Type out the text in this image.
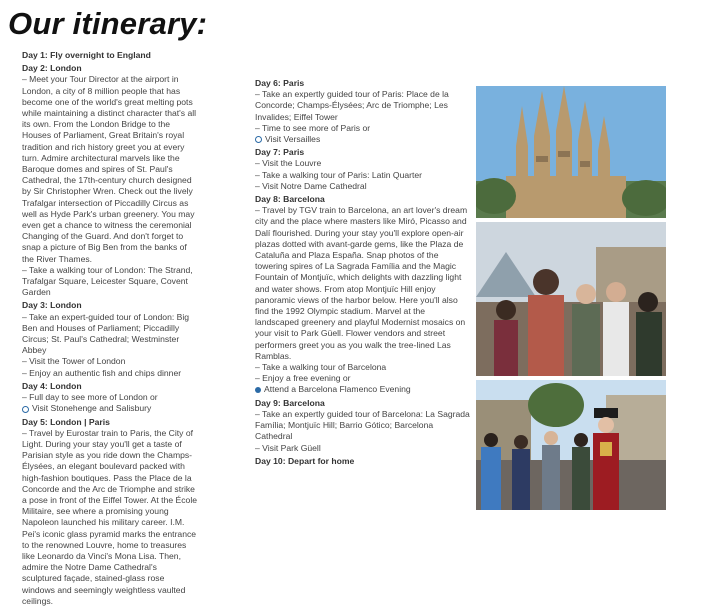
Our itinerary:
Day 1: Fly overnight to England
Day 2: London
– Meet your Tour Director at the airport in London, a city of 8 million people that has become one of the world's great melting pots while maintaining a distinct character that's all its own. From the London Bridge to the Houses of Parliament, Great Britain's royal tradition and rich history greet you at every turn. Admire architectural marvels like the Baroque domes and spires of St. Paul's Cathedral, the 17th-century church designed by Sir Christopher Wren. Check out the lively Trafalgar intersection of Piccadilly Circus as well as Hyde Park's urban greenery. You may even get a chance to witness the ceremonial Changing of the Guard. And don't forget to snap a picture of Big Ben from the banks of the River Thames.
– Take a walking tour of London: The Strand, Trafalgar Square, Leicester Square, Covent Garden
Day 3: London
– Take an expert-guided tour of London: Big Ben and Houses of Parliament; Piccadilly Circus; St. Paul's Cathedral; Westminster Abbey
– Visit the Tower of London
– Enjoy an authentic fish and chips dinner
Day 4: London
– Full day to see more of London or
Visit Stonehenge and Salisbury
Day 5: London | Paris
– Travel by Eurostar train to Paris, the City of Light. During your stay you'll get a taste of Parisian style as you ride down the Champs-Élysées, an elegant boulevard packed with high-fashion boutiques. Pass the Place de la Concorde and the Arc de Triomphe and strike a pose in front of the Eiffel Tower. At the École Militaire, see where a promising young Napoleon launched his military career. I.M. Pei's iconic glass pyramid marks the entrance to the renowned Louvre, home to treasures like Leonardo da Vinci's Mona Lisa. Then, admire the Notre Dame Cathedral's sculptured façade, stained-glass rose windows and seemingly weightless vaulted ceilings.
Day 6: Paris
– Take an expertly guided tour of Paris: Place de la Concorde; Champs-Élysées; Arc de Triomphe; Les Invalides; Eiffel Tower
– Time to see more of Paris or
Visit Versailles
Day 7: Paris
– Visit the Louvre
– Take a walking tour of Paris: Latin Quarter
– Visit Notre Dame Cathedral
Day 8: Barcelona
– Travel by TGV train to Barcelona, an art lover's dream city and the place where masters like Miró, Picasso and Dalí flourished. During your stay you'll explore open-air plazas dotted with avant-garde gems, like the Plaza de Cataluña and Plaza España. Snap photos of the towering spires of La Sagrada Família and the Magic Fountain of Montjuïc, which delights with dazzling light and water shows. From atop Montjuïc Hill enjoy panoramic views of the harbor below. Here you'll also find the 1992 Olympic stadium. Marvel at the landscaped greenery and playful Modernist mosaics on your visit to Park Güell. Flower vendors and street performers greet you as you walk the tree-lined Las Ramblas.
– Take a walking tour of Barcelona
– Enjoy a free evening or
Attend a Barcelona Flamenco Evening
Day 9: Barcelona
– Take an expertly guided tour of Barcelona: La Sagrada Família; Montjuïc Hill; Barrio Gótico; Barcelona Cathedral
– Visit Park Güell
Day 10: Depart for home
